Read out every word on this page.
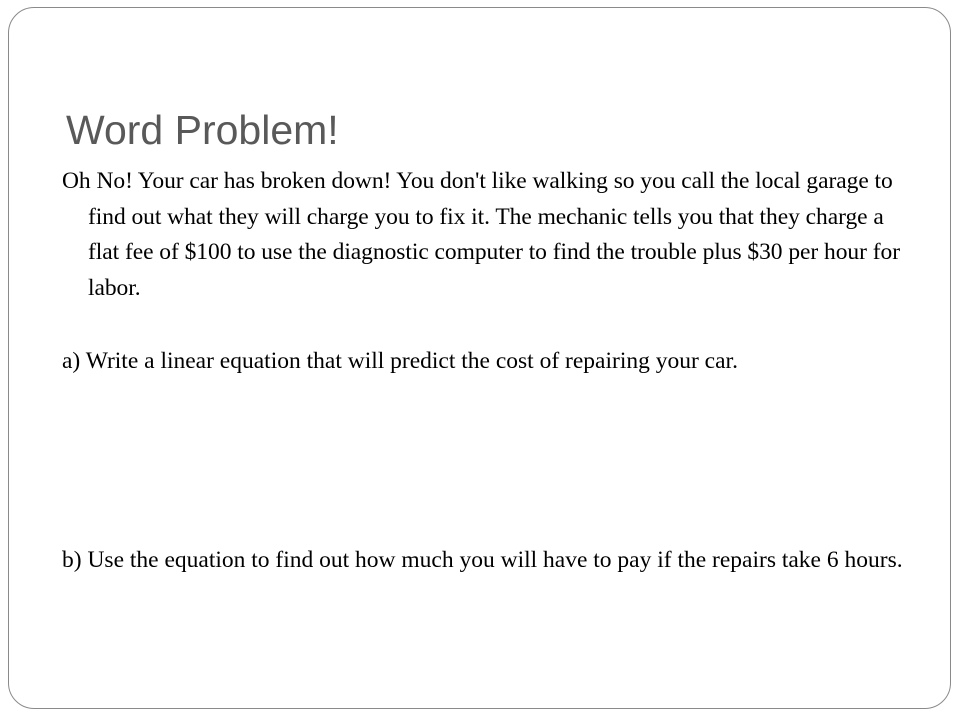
Word Problem!

Oh No! Your car has broken down! You don't like walking so you call the local garage to find out what they will charge you to fix it. The mechanic tells you that they charge a flat fee of $100 to use the diagnostic computer to find the trouble plus $30 per hour for labor.

a) Write a linear equation that will predict the cost of repairing your car.

b) Use the equation to find out how much you will have to pay if the repairs take 6 hours.
